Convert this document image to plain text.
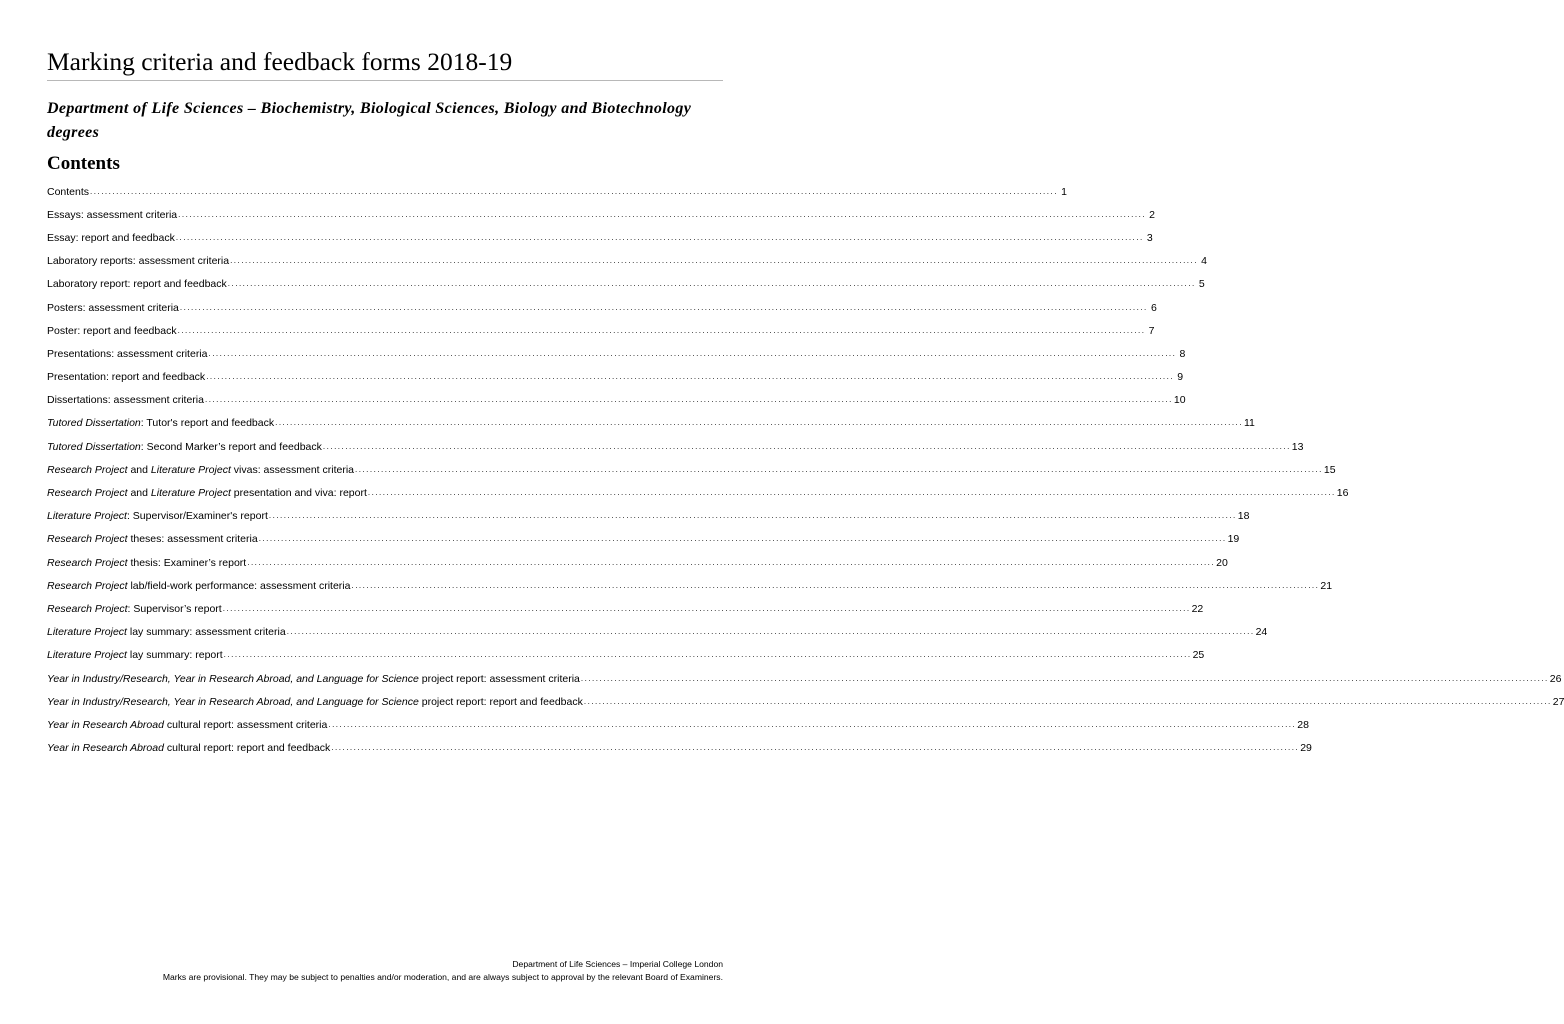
Marking criteria and feedback forms 2018-19
Department of Life Sciences – Biochemistry, Biological Sciences, Biology and Biotechnology degrees
Contents
Contents .................................................................................................................................................................................................................................................................... 1
Essays: assessment criteria .................................................................................................................................................................................................................................................................... 2
Essay: report and feedback .................................................................................................................................................................................................................................................................... 3
Laboratory reports: assessment criteria .................................................................................................................................................................................................................................................................... 4
Laboratory report: report and feedback .................................................................................................................................................................................................................................................................... 5
Posters: assessment criteria .................................................................................................................................................................................................................................................................... 6
Poster: report and feedback .................................................................................................................................................................................................................................................................... 7
Presentations: assessment criteria .................................................................................................................................................................................................................................................................... 8
Presentation: report and feedback .................................................................................................................................................................................................................................................................... 9
Dissertations: assessment criteria .................................................................................................................................................................................................................................................................... 10
Tutored Dissertation: Tutor's report and feedback .................................................................................................................................................................................................................................................................... 11
Tutored Dissertation: Second Marker’s report and feedback .................................................................................................................................................................................................................................................................... 13
Research Project and Literature Project vivas: assessment criteria .................................................................................................................................................................................................................................................................... 15
Research Project and Literature Project presentation and viva: report .................................................................................................................................................................................................................................................................... 16
Literature Project: Supervisor/Examiner's report .................................................................................................................................................................................................................................................................... 18
Research Project theses: assessment criteria .................................................................................................................................................................................................................................................................... 19
Research Project thesis: Examiner’s report .................................................................................................................................................................................................................................................................... 20
Research Project lab/field-work performance: assessment criteria .................................................................................................................................................................................................................................................................... 21
Research Project: Supervisor’s report .................................................................................................................................................................................................................................................................... 22
Literature Project lay summary: assessment criteria .................................................................................................................................................................................................................................................................... 24
Literature Project lay summary: report .................................................................................................................................................................................................................................................................... 25
Year in Industry/Research, Year in Research Abroad, and Language for Science project report: assessment criteria .................................................................................................................................................................................................................................................................... 26
Year in Industry/Research, Year in Research Abroad, and Language for Science project report: report and feedback .................................................................................................................................................................................................................................................................... 27
Year in Research Abroad cultural report: assessment criteria .................................................................................................................................................................................................................................................................... 28
Year in Research Abroad cultural report: report and feedback .................................................................................................................................................................................................................................................................... 29
Department of Life Sciences – Imperial College London
Marks are provisional. They may be subject to penalties and/or moderation, and are always subject to approval by the relevant Board of Examiners.
